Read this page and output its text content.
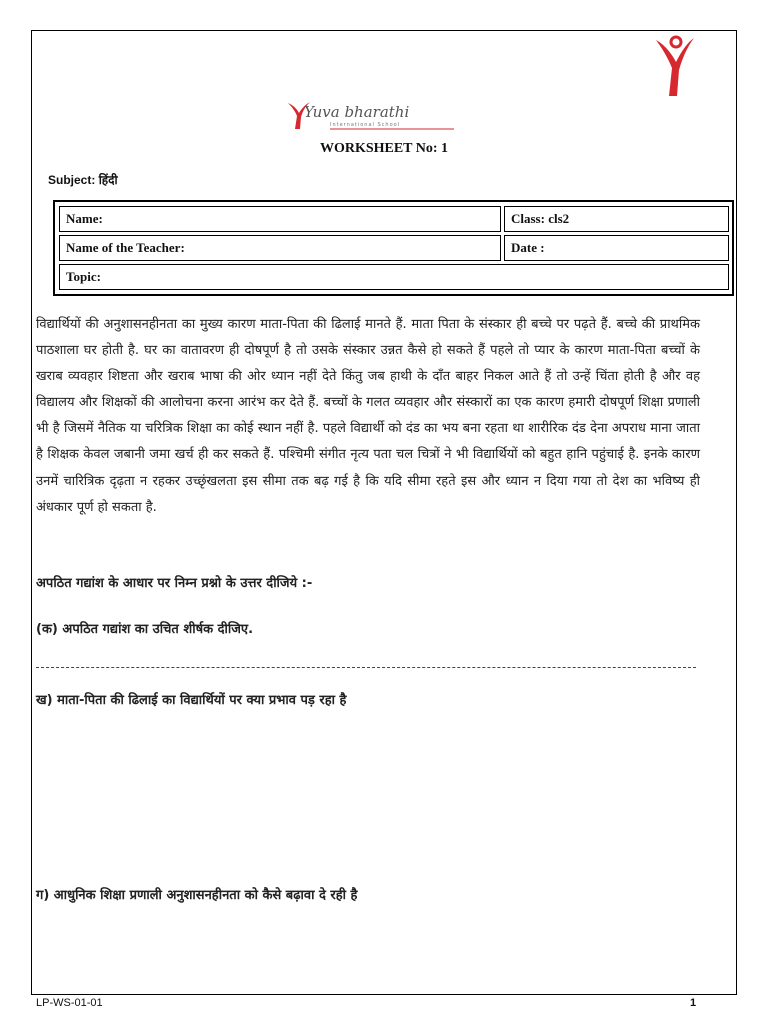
Yuva bharathi
International School
WORKSHEET No: 1
Subject: हिंदी
Name:	Class: cls2
Name of the Teacher:	Date :
Topic:
विद्यार्थियों की अनुशासनहीनता का मुख्य कारण माता-पिता की ढिलाई मानते हैं. माता पिता के संस्कार ही बच्चे पर पढ़ते हैं. बच्चे की प्राथमिक पाठशाला घर होती है. घर का वातावरण ही दोषपूर्ण है तो उसके संस्कार उन्नत कैसे हो सकते हैं पहले तो प्यार के कारण माता-पिता बच्चों के खराब व्यवहार शिष्टता और खराब भाषा की ओर ध्यान नहीं देते किंतु जब हाथी के दाँत बाहर निकल आते हैं तो उन्हें चिंता होती है और वह विद्यालय और शिक्षकों की आलोचना करना आरंभ कर देते हैं. बच्चों के गलत व्यवहार और संस्कारों का एक कारण हमारी दोषपूर्ण शिक्षा प्रणाली भी है जिसमें नैतिक या चरित्रिक शिक्षा का कोई स्थान नहीं है. पहले विद्यार्थी को दंड का भय बना रहता था शारीरिक दंड देना अपराध माना जाता है शिक्षक केवल जबानी जमा खर्च ही कर सकते हैं. पश्चिमी संगीत नृत्य पता चल चित्रों ने भी विद्यार्थियों को बहुत हानि पहुंचाई है. इनके कारण उनमें चारित्रिक दृढ़ता न रहकर उच्छृंखलता इस सीमा तक बढ़ गई है कि यदि सीमा रहते इस और ध्यान न दिया गया तो देश का भविष्य ही अंधकार पूर्ण हो सकता है.
अपठित गद्यांश के आधार पर निम्न प्रश्नो के उत्तर दीजिये :-
(क) अपठित गद्यांश का उचित शीर्षक दीजिए.
ख) माता-पिता की ढिलाई का विद्यार्थियों पर क्या प्रभाव पड़ रहा है
ग) आधुनिक शिक्षा प्रणाली अनुशासनहीनता को कैसे बढ़ावा दे रही है
LP-WS-01-01	1
